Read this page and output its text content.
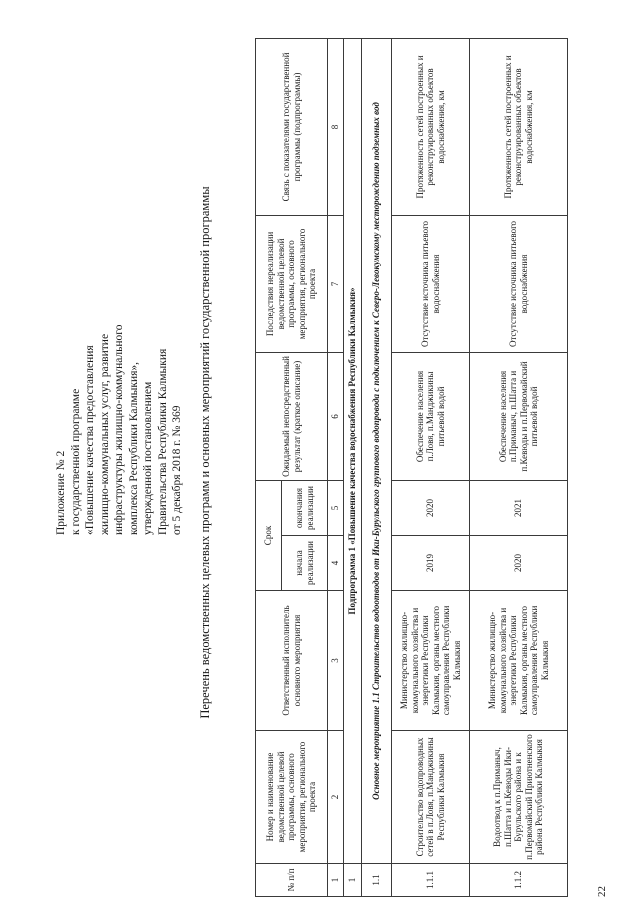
22
Приложение № 2 к государственной программе «Повышение качества предоставления жилищно-коммунальных услуг, развитие инфраструктуры жилищно-коммунального комплекса Республики Калмыкия», утвержденной постановлением Правительства Республики Калмыкия от 5 декабря 2018 г. № 369 Перечень ведомственных целевых программ и основных мероприятий государственной программы
№ п/п	Номер и наименование ведомственной целевой программы, основного мероприятия, регионального проекта	Ответственный исполнитель основного мероприятия	Срок		Ожидаемый непосредственный результат (краткое описание)	Последствия нереализации ведомственной целевой программы, основного мероприятия, регионального проекта	Связь с показателями государственной программы (подпрограммы)
			начала реализации	окончания реализации			
1	2	3	4	5	6	7	8
1	Подпрограмма 1 «Повышение качества водоснабжения Республики Калмыкия»						
1.1	Основное мероприятие 1.1 Строительство водоотводов от Ики-Бурульского группового водопровода с подключением к Северо-Левокумскому месторождению подземных вод						
1.1.1	Строительство водопроводных сетей в п.Ловя, п.Манджикины Республики Калмыкия	Министерство жилищно-коммунального хозяйства и энергетики Республики Калмыкия, органы местного самоуправления Республики Калмыкия	2019	2020	Обеспечение населения п.Ловя, п.Манджикины питьевой водой	Отсутствие источника питьевого водоснабжения	Протяженность сетей построенных и реконструированных объектов водоснабжения, км
1.1.2	Водоотвод к п.Приманыч, п.Шатта и п.Кевюды Ики-Бурульского района и к п.Первомайский Приютненского района Республики Калмыкия	Министерство жилищно-коммунального хозяйства и энергетики Республики Калмыкия, органы местного самоуправления Республики Калмыкия	2020	2021	Обеспечение населения п.Приманыч, п.Шатта и п.Кевюды и п.Первомайский питьевой водой	Отсутствие источника питьевого водоснабжения	Протяженность сетей построенных и реконструированных объектов водоснабжения, км
